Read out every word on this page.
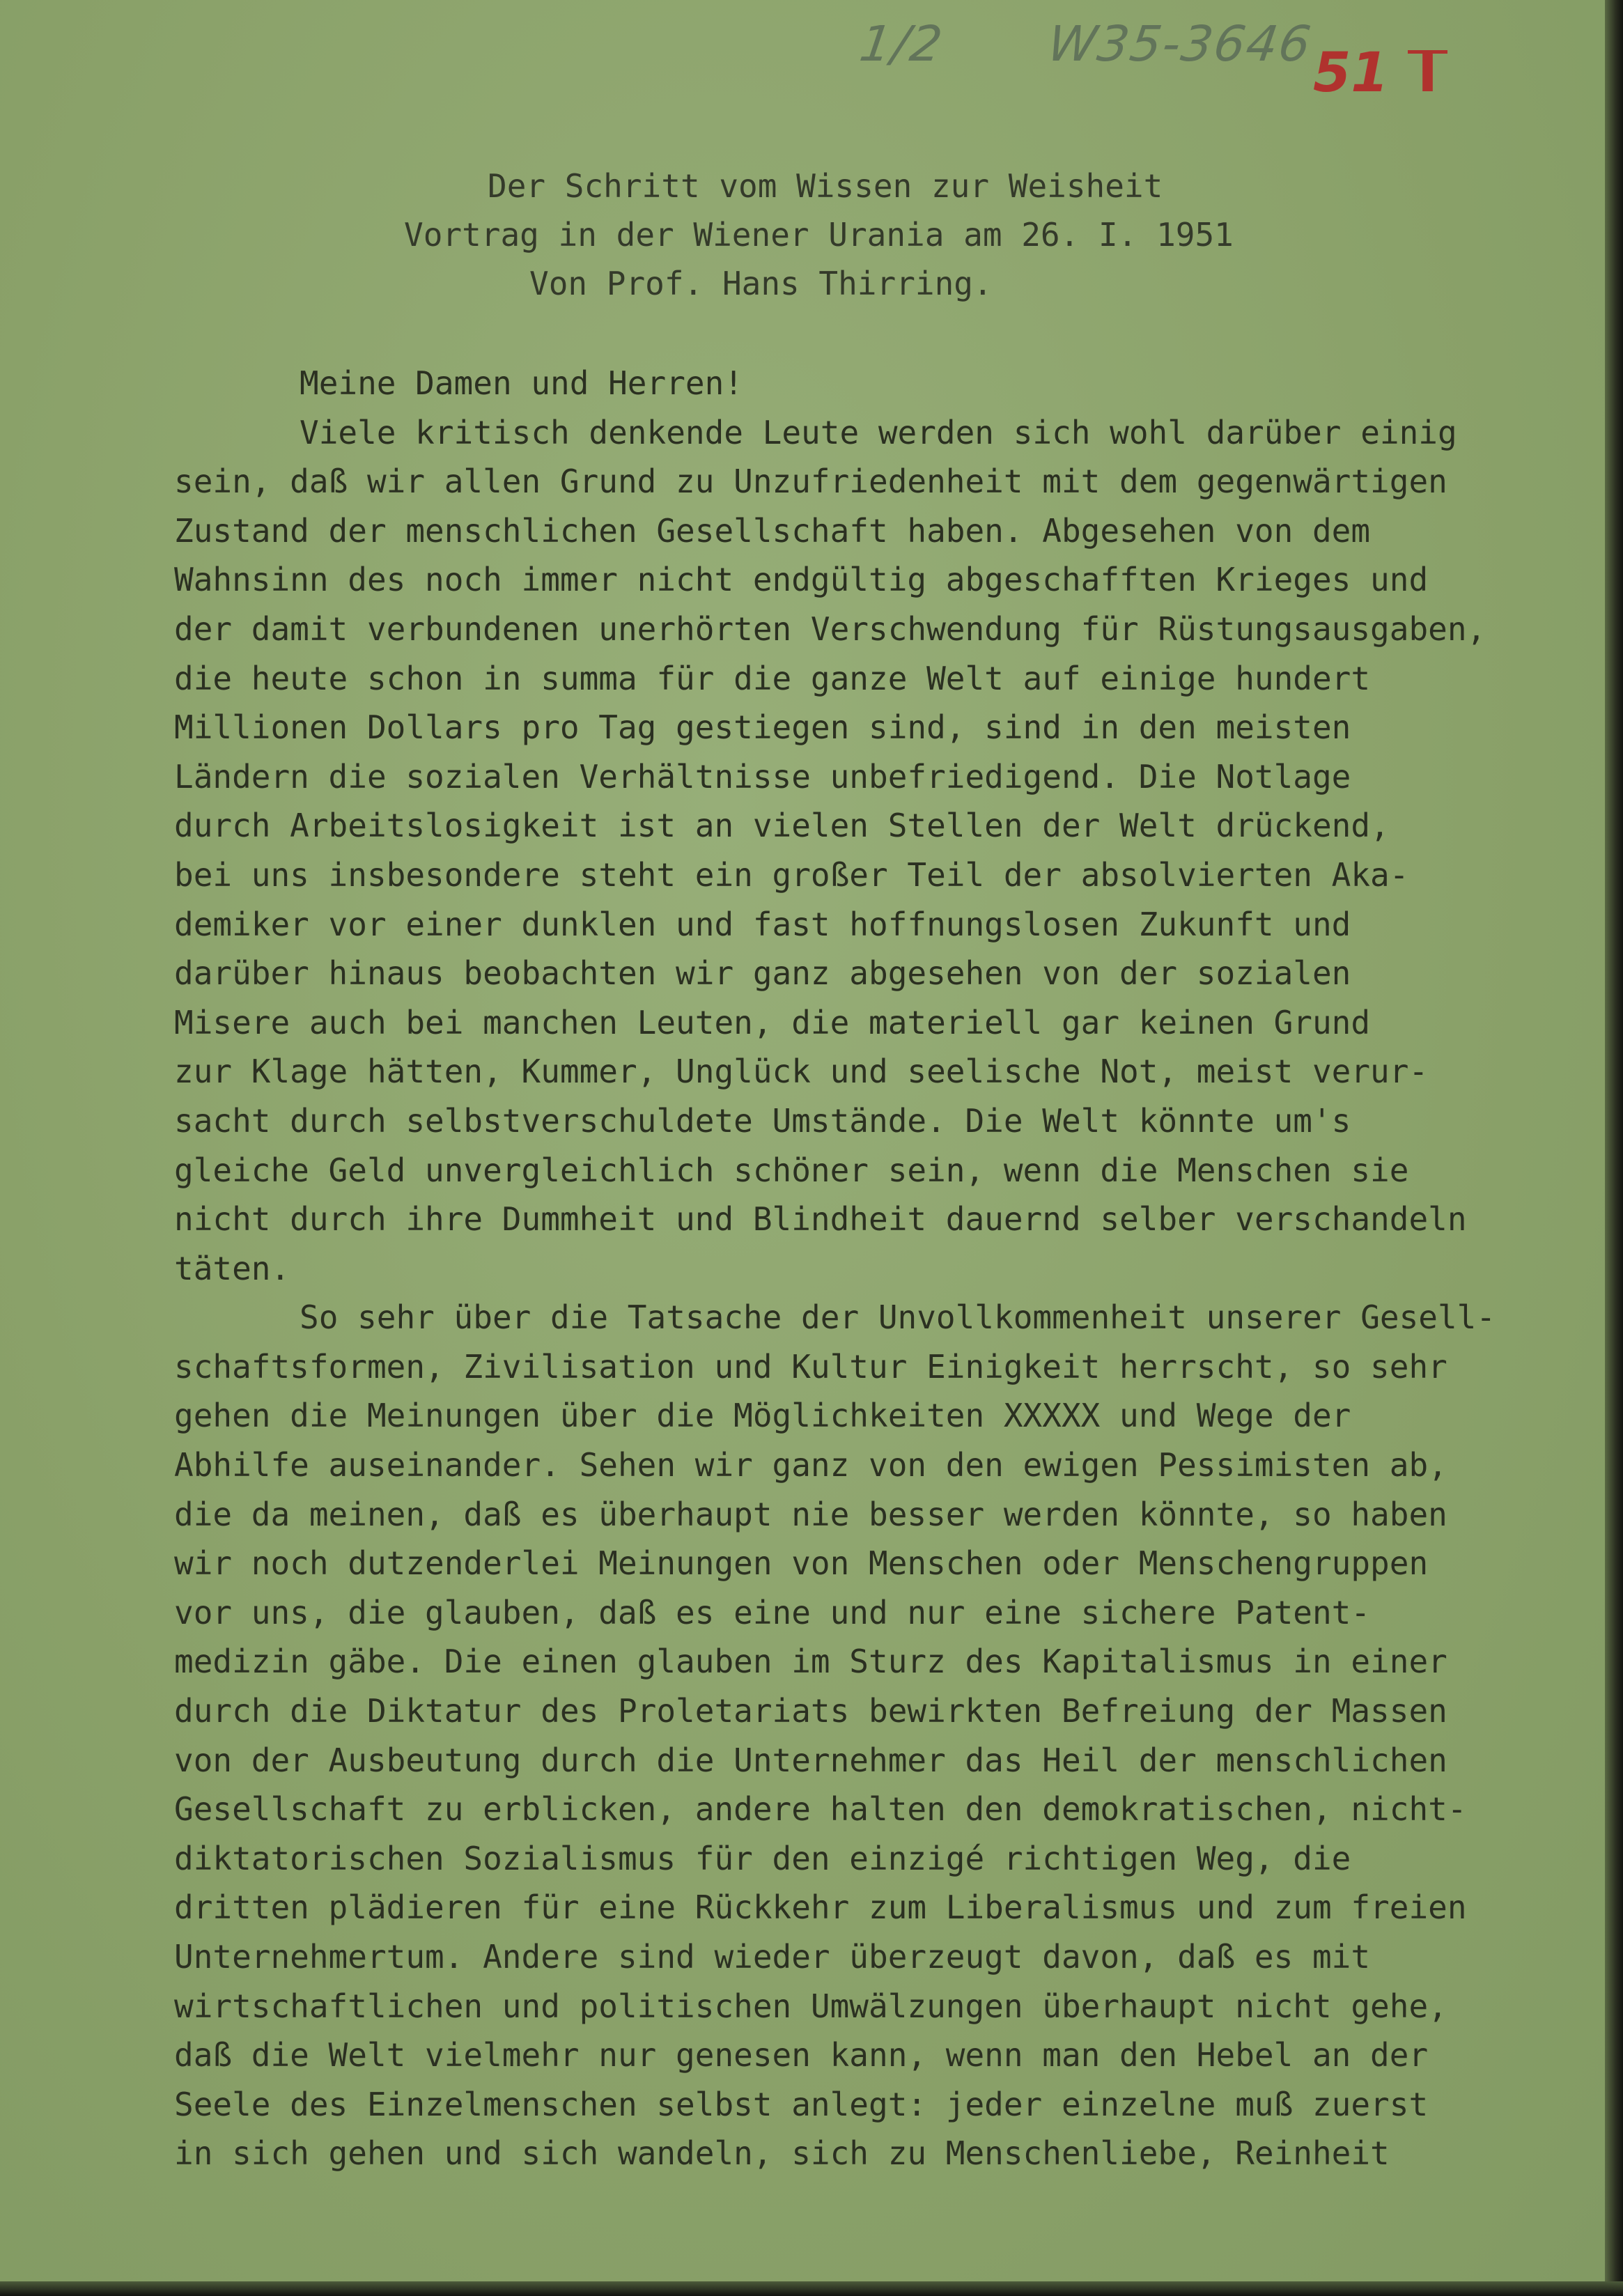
1/2 W35-3646
51 I
Der Schritt vom Wissen zur Weisheit
Vortrag in der Wiener Urania am 26. I. 1951
Von Prof. Hans Thirring.
Meine Damen und Herren!
Viele kritisch denkende Leute werden sich wohl darüber einig
sein, daß wir allen Grund zu Unzufriedenheit mit dem gegenwärtigen
Zustand der menschlichen Gesellschaft haben. Abgesehen von dem
Wahnsinn des noch immer nicht endgültig abgeschafften Krieges und
der damit verbundenen unerhörten Verschwendung für Rüstungsausgaben,
die heute schon in summa für die ganze Welt auf einige hundert
Millionen Dollars pro Tag gestiegen sind, sind in den meisten
Ländern die sozialen Verhältnisse unbefriedigend. Die Notlage
durch Arbeitslosigkeit ist an vielen Stellen der Welt drückend,
bei uns insbesondere steht ein großer Teil der absolvierten Aka-
demiker vor einer dunklen und fast hoffnungslosen Zukunft und
darüber hinaus beobachten wir ganz abgesehen von der sozialen
Misere auch bei manchen Leuten, die materiell gar keinen Grund
zur Klage hätten, Kummer, Unglück und seelische Not, meist verur-
sacht durch selbstverschuldete Umstände. Die Welt könnte um's
gleiche Geld unvergleichlich schöner sein, wenn die Menschen sie
nicht durch ihre Dummheit und Blindheit dauernd selber verschandeln
täten.
So sehr über die Tatsache der Unvollkommenheit unserer Gesell-
schaftsformen, Zivilisation und Kultur Einigkeit herrscht, so sehr
gehen die Meinungen über die Möglichkeiten XXXXX und Wege der
Abhilfe auseinander. Sehen wir ganz von den ewigen Pessimisten ab,
die da meinen, daß es überhaupt nie besser werden könnte, so haben
wir noch dutzenderlei Meinungen von Menschen oder Menschengruppen
vor uns, die glauben, daß es eine und nur eine sichere Patent-
medizin gäbe. Die einen glauben im Sturz des Kapitalismus in einer
durch die Diktatur des Proletariats bewirkten Befreiung der Massen
von der Ausbeutung durch die Unternehmer das Heil der menschlichen
Gesellschaft zu erblicken, andere halten den demokratischen, nicht-
diktatorischen Sozialismus für den einzigé richtigen Weg, die
dritten plädieren für eine Rückkehr zum Liberalismus und zum freien
Unternehmertum. Andere sind wieder überzeugt davon, daß es mit
wirtschaftlichen und politischen Umwälzungen überhaupt nicht gehe,
daß die Welt vielmehr nur genesen kann, wenn man den Hebel an der
Seele des Einzelmenschen selbst anlegt: jeder einzelne muß zuerst
in sich gehen und sich wandeln, sich zu Menschenliebe, Reinheit
